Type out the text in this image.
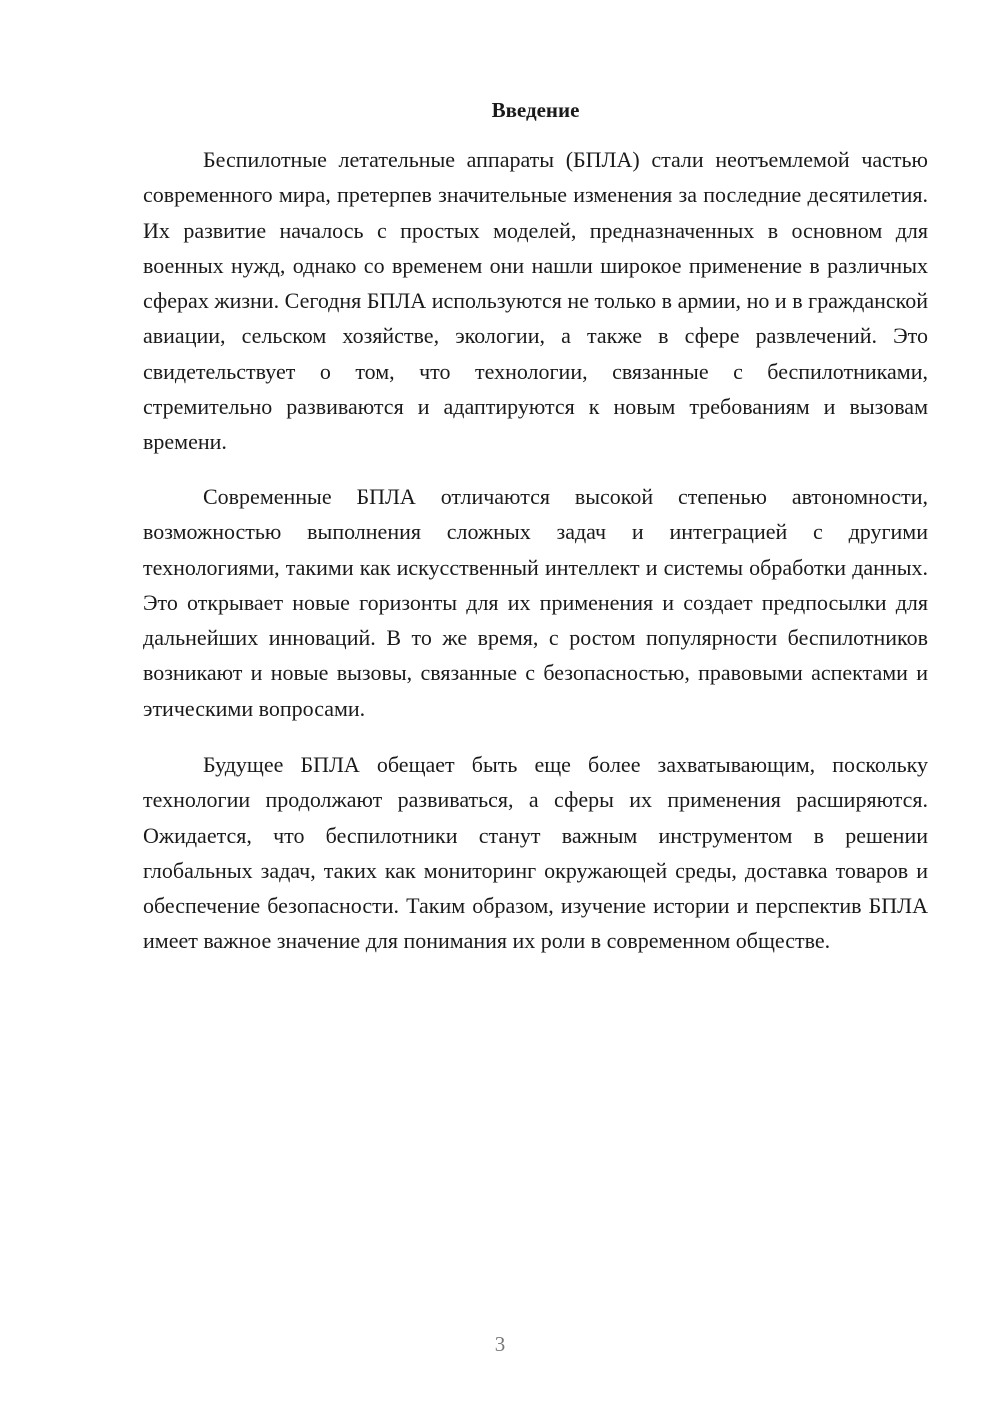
Введение

Беспилотные летательные аппараты (БПЛА) стали неотъемлемой частью современного мира, претерпев значительные изменения за последние десятилетия. Их развитие началось с простых моделей, предназначенных в основном для военных нужд, однако со временем они нашли широкое применение в различных сферах жизни. Сегодня БПЛА используются не только в армии, но и в гражданской авиации, сельском хозяйстве, экологии, а также в сфере развлечений. Это свидетельствует о том, что технологии, связанные с беспилотниками, стремительно развиваются и адаптируются к новым требованиям и вызовам времени.

Современные БПЛА отличаются высокой степенью автономности, возможностью выполнения сложных задач и интеграцией с другими технологиями, такими как искусственный интеллект и системы обработки данных. Это открывает новые горизонты для их применения и создает предпосылки для дальнейших инноваций. В то же время, с ростом популярности беспилотников возникают и новые вызовы, связанные с безопасностью, правовыми аспектами и этическими вопросами.

Будущее БПЛА обещает быть еще более захватывающим, поскольку технологии продолжают развиваться, а сферы их применения расширяются. Ожидается, что беспилотники станут важным инструментом в решении глобальных задач, таких как мониторинг окружающей среды, доставка товаров и обеспечение безопасности. Таким образом, изучение истории и перспектив БПЛА имеет важное значение для понимания их роли в современном обществе.

3
